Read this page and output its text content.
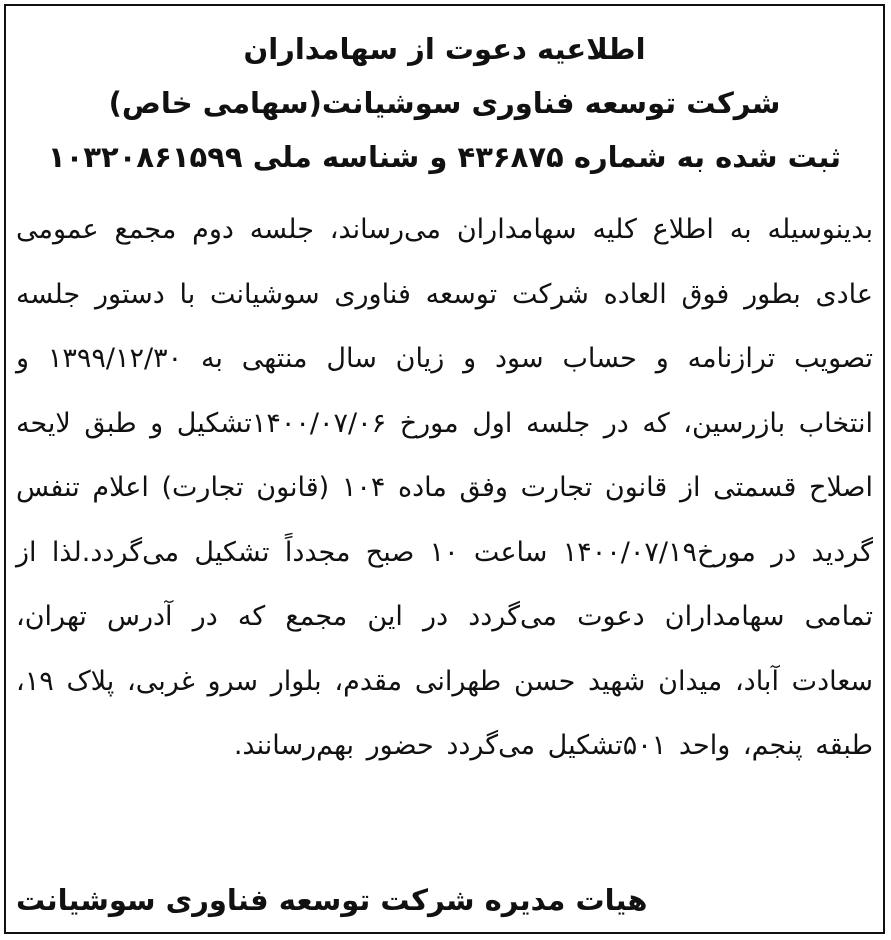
اطلاعیه دعوت از سهامداران
شرکت توسعه فناوری سوشیانت(سهامی خاص)
ثبت شده به شماره ۴۳۶۸۷۵ و شناسه ملی ۱۰۳۲۰۸۶۱۵۹۹
بدینوسیله به اطلاع کلیه سهامداران می‌رساند، جلسه دوم مجمع عمومی عادی بطور فوق العاده شرکت توسعه فناوری سوشیانت با دستور جلسه تصویب ترازنامه و حساب سود و زیان سال منتهی به ۱۳۹۹/۱۲/۳۰ و انتخاب بازرسین، که در جلسه اول مورخ ۱۴۰۰/۰۷/۰۶تشکیل و طبق لایحه اصلاح قسمتی از قانون تجارت وفق ماده ۱۰۴ (قانون تجارت) اعلام تنفس گردید در مورخ۱۴۰۰/۰۷/۱۹ ساعت ۱۰ صبح مجدداً تشکیل می‌گردد.لذا از تمامی سهامداران دعوت می‌گردد در این مجمع که در آدرس تهران، سعادت آباد، میدان شهید حسن طهرانی مقدم، بلوار سرو غربی، پلاک ۱۹، طبقه پنجم، واحد ۵۰۱تشکیل می‌گردد حضور بهم‌رسانند.
هیات مدیره شرکت توسعه فناوری سوشیانت
